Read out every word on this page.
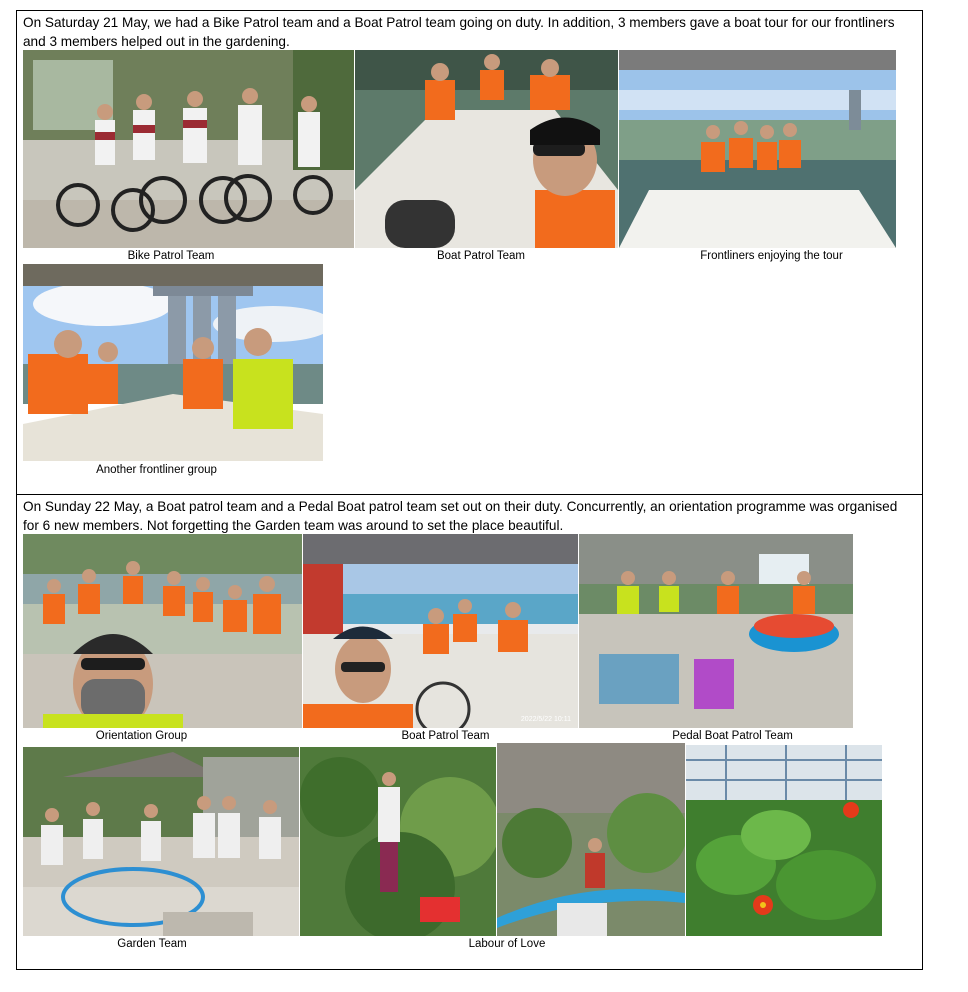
On Saturday 21 May, we had a Bike Patrol team and a Boat Patrol team going on duty. In addition, 3 members gave a boat tour for our frontliners and 3 members helped out in the gardening.

Bike Patrol Team	Boat Patrol Team	Frontliners enjoying the tour
Another frontliner group

On Sunday 22 May, a Boat patrol team and a Pedal Boat patrol team set out on their duty. Concurrently, an orientation programme was organised for 6 new members. Not forgetting the Garden team was around to set the place beautiful.

Orientation Group
2022/5/22 10:11
Boat Patrol Team	Pedal Boat Patrol Team
Garden Team	Labour of Love
